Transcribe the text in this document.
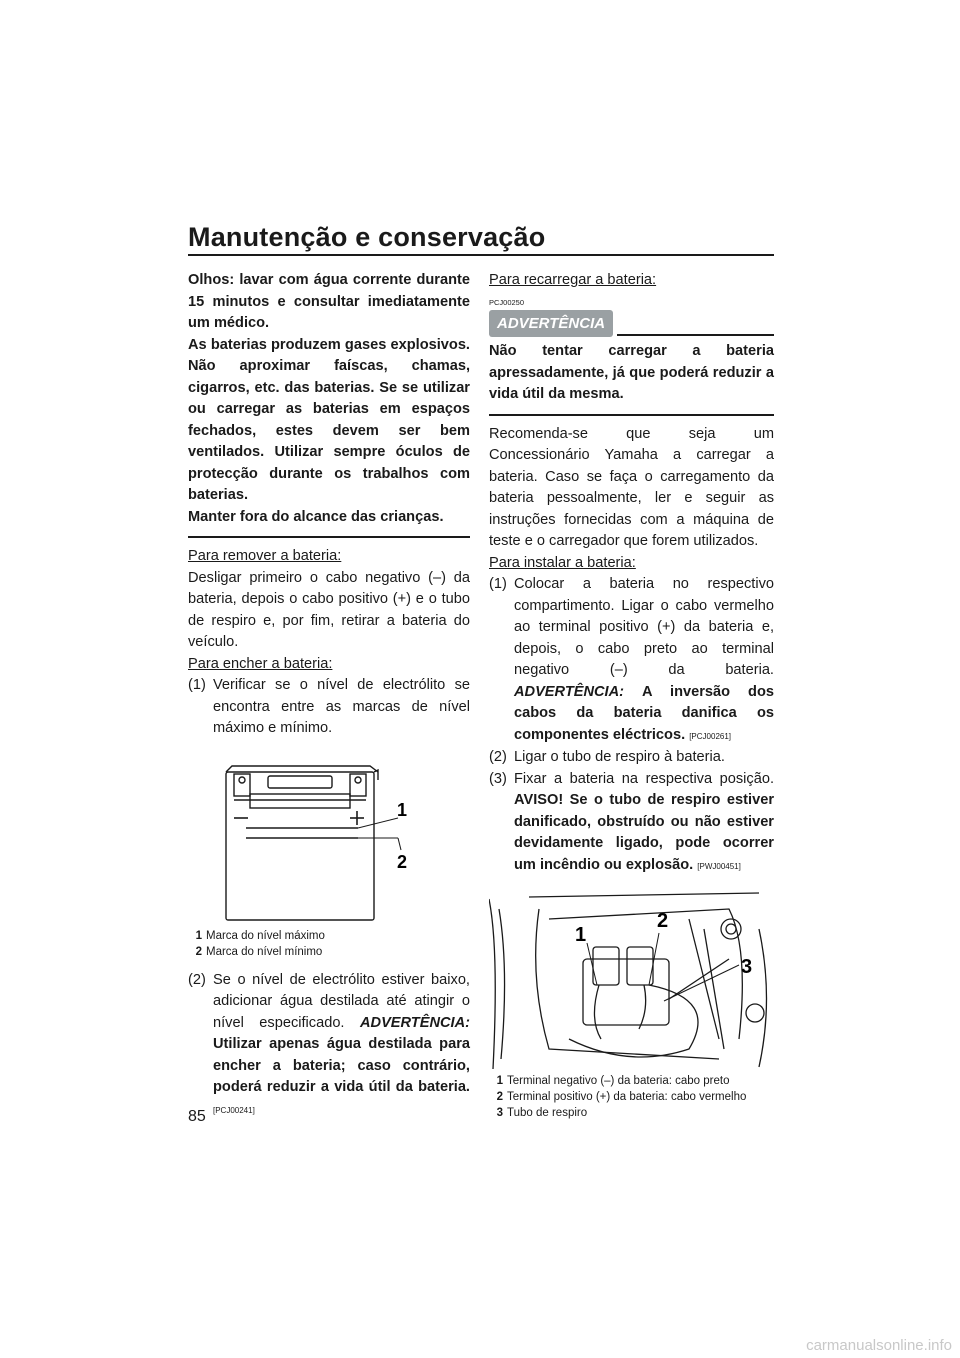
Manutenção e conservação
85

Olhos: lavar com água corrente durante 15 minutos e consultar imediatamente um médico.

As baterias produzem gases explosivos. Não aproximar faíscas, chamas, cigarros, etc. das baterias. Se se utilizar ou carregar as baterias em espaços fechados, estes devem ser bem ventilados. Utilizar sempre óculos de protecção durante os trabalhos com baterias.

Manter fora do alcance das crianças.

Para remover a bateria:

Desligar primeiro o cabo negativo (–) da bateria, depois o cabo positivo (+) e o tubo de respiro e, por fim, retirar a bateria do veículo.

Para encher a bateria:

(1) Verificar se o nível de electrólito se encontra entre as marcas de nível máximo e mínimo.
1
2
1 Marca do nível máximo
2 Marca do nível mínimo
(2) Se o nível de electrólito estiver baixo, adicionar água destilada até atingir o nível especificado. ADVERTÊNCIA: Utilizar apenas água destilada para encher a bateria; caso contrário, poderá reduzir a vida útil da bateria. [PCJ00241]

Para recarregar a bateria:

PCJ00250
ADVERTÊNCIA

Não tentar carregar a bateria apressadamente, já que poderá reduzir a vida útil da mesma.

Recomenda-se que seja um Concessionário Yamaha a carregar a bateria. Caso se faça o carregamento da bateria pessoalmente, ler e seguir as instruções fornecidas com a máquina de teste e o carregador que forem utilizados.

Para instalar a bateria:

(1) Colocar a bateria no respectivo compartimento. Ligar o cabo vermelho ao terminal positivo (+) da bateria e, depois, o cabo preto ao terminal negativo (–) da bateria. ADVERTÊNCIA: A inversão dos cabos da bateria danifica os componentes eléctricos. [PCJ00261]
(2) Ligar o tubo de respiro à bateria.
(3) Fixar a bateria na respectiva posição. AVISO! Se o tubo de respiro estiver danificado, obstruído ou não estiver devidamente ligado, pode ocorrer um incêndio ou explosão. [PWJ00451]
1
2
3
1 Terminal negativo (–) da bateria: cabo preto
2 Terminal positivo (+) da bateria: cabo vermelho
3 Tubo de respiro
carmanualsonline.info
